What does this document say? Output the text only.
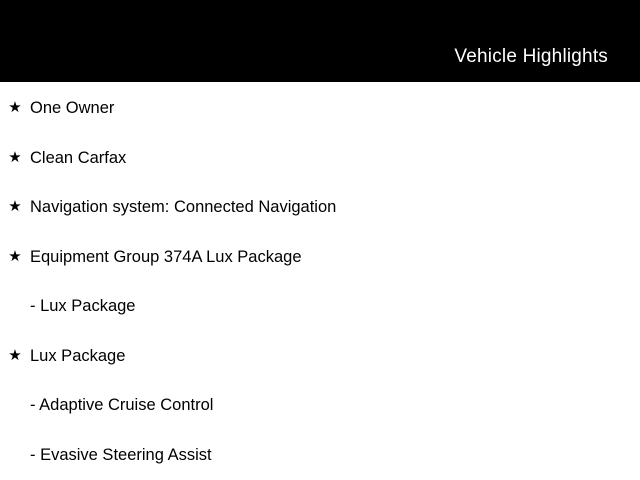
Vehicle Highlights
★ One Owner
★ Clean Carfax
★ Navigation system: Connected Navigation
★ Equipment Group 374A Lux Package
- Lux Package
★ Lux Package
- Adaptive Cruise Control
- Evasive Steering Assist
